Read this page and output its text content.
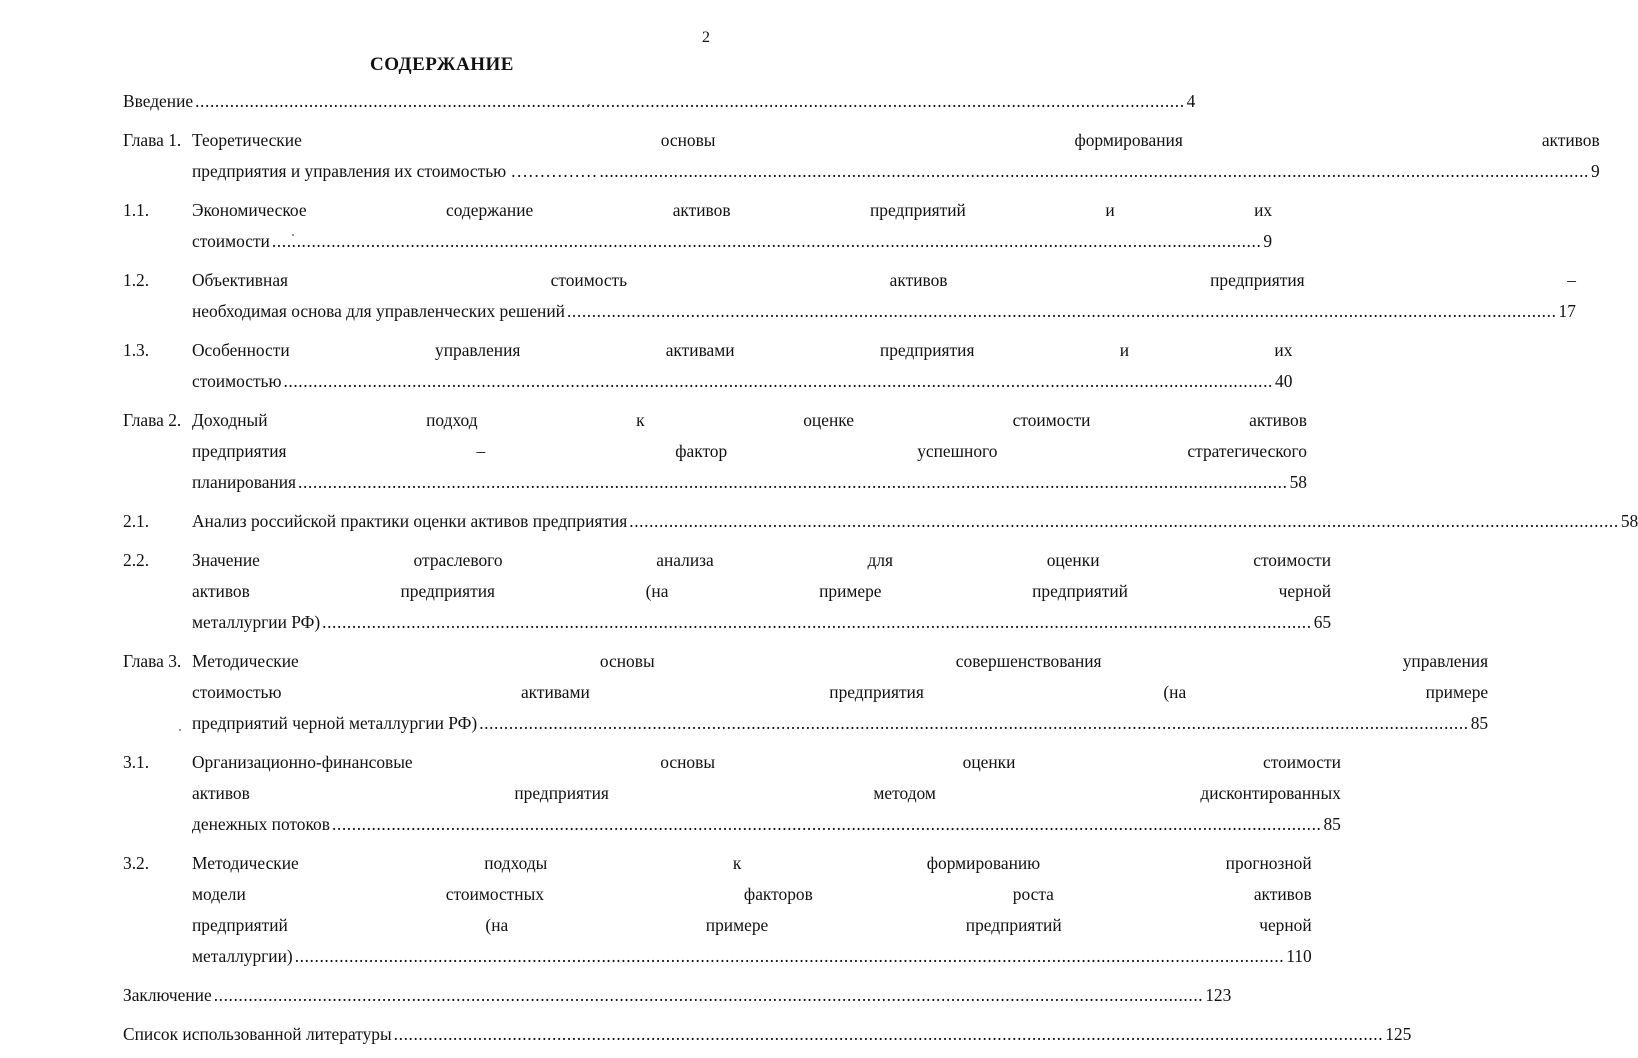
2
СОДЕРЖАНИЕ
Введение .....	4
Глава 1. Теоретические основы формирования активов
предприятия и управления их стоимостью …………… .....	9
1.1.	Экономическое содержание активов предприятий и их
стоимости .....	9
1.2.	Объективная стоимость активов предприятия –
необходимая основа для управленческих решений .....	17
1.3.	Особенности управления активами предприятия и их
стоимостью .....	40
Глава 2. Доходный подход к оценке стоимости активов
предприятия – фактор успешного стратегического
планирования .....	58
2.1.	Анализ российской практики оценки активов предприятия .....	58
2.2.	Значение отраслевого анализа для оценки стоимости
активов предприятия (на примере предприятий черной
металлургии РФ) .....	65
Глава 3. Методические основы совершенствования управления
стоимостью активами предприятия (на примере
предприятий черной металлургии РФ) .....	85
3.1.	Организационно-финансовые основы оценки стоимости
активов предприятия методом дисконтированных
денежных потоков .....	85
3.2.	Методические подходы к формированию прогнозной
модели стоимостных факторов роста активов
предприятий (на примере предприятий черной
металлургии) .....	110
Заключение .....	123
Список использованной литературы .....	125
